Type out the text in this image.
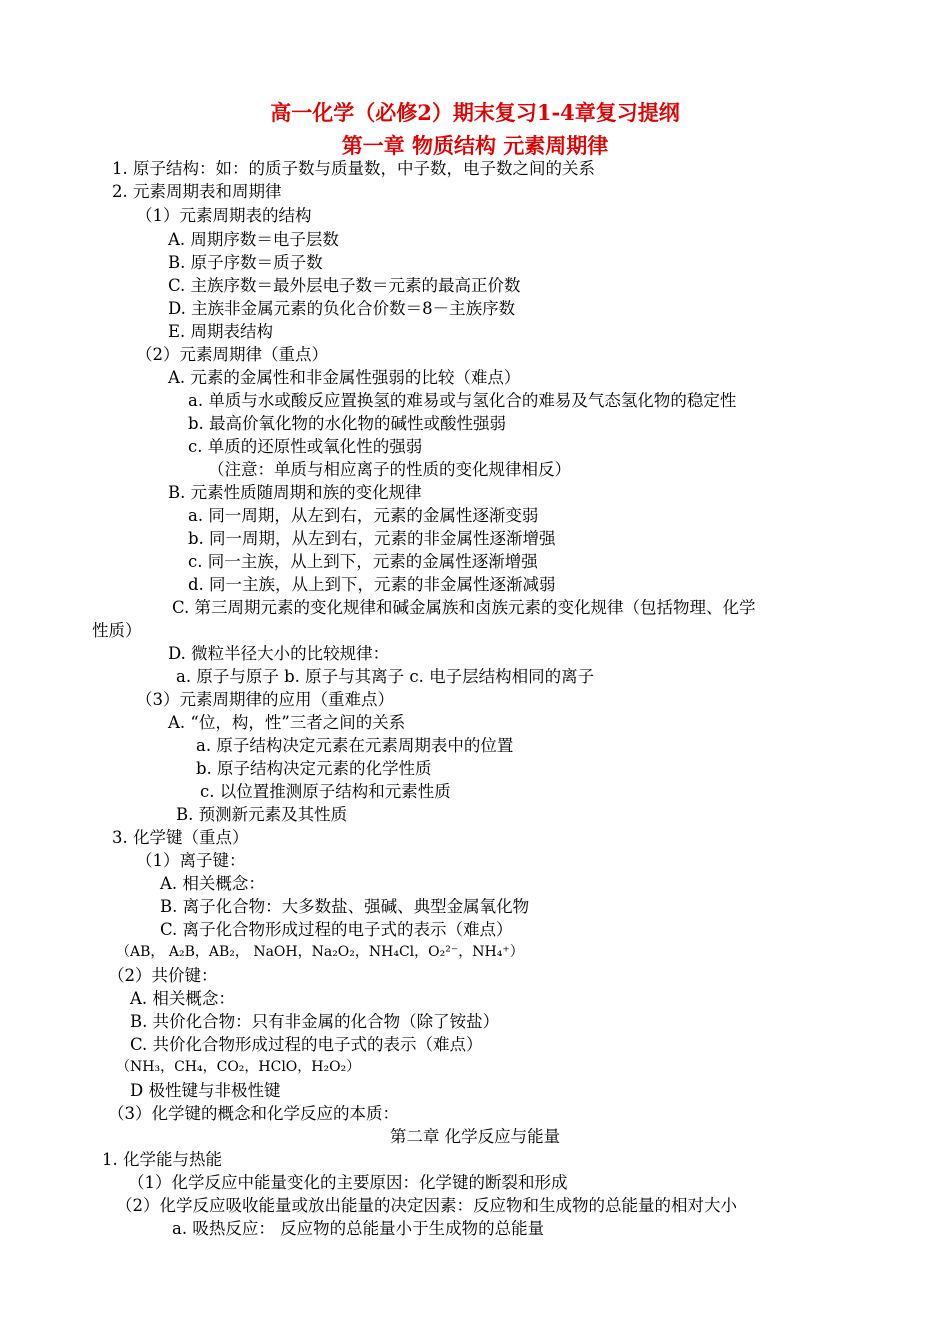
高一化学（必修2）期末复习1-4章复习提纲
第一章 物质结构 元素周期律
1. 原子结构：如：的质子数与质量数，中子数，电子数之间的关系
2. 元素周期表和周期律
（1）元素周期表的结构
A. 周期序数＝电子层数
B. 原子序数＝质子数
C. 主族序数＝最外层电子数＝元素的最高正价数
D. 主族非金属元素的负化合价数＝8－主族序数
E. 周期表结构
（2）元素周期律（重点）
A. 元素的金属性和非金属性强弱的比较（难点）
a. 单质与水或酸反应置换氢的难易或与氢化合的难易及气态氢化物的稳定性
b. 最高价氧化物的水化物的碱性或酸性强弱
c. 单质的还原性或氧化性的强弱
（注意：单质与相应离子的性质的变化规律相反）
B. 元素性质随周期和族的变化规律
a. 同一周期，从左到右，元素的金属性逐渐变弱
b. 同一周期，从左到右，元素的非金属性逐渐增强
c. 同一主族，从上到下，元素的金属性逐渐增强
d. 同一主族，从上到下，元素的非金属性逐渐减弱
C. 第三周期元素的变化规律和碱金属族和卤族元素的变化规律（包括物理、化学
性质）
D. 微粒半径大小的比较规律：
a. 原子与原子 b. 原子与其离子 c. 电子层结构相同的离子
（3）元素周期律的应用（重难点）
A. “位，构，性”三者之间的关系
a. 原子结构决定元素在元素周期表中的位置
b. 原子结构决定元素的化学性质
c. 以位置推测原子结构和元素性质
B. 预测新元素及其性质
3. 化学键（重点）
（1）离子键：
A. 相关概念：
B. 离子化合物：大多数盐、强碱、典型金属氧化物
C. 离子化合物形成过程的电子式的表示（难点）
（AB， A₂B，AB₂， NaOH，Na₂O₂，NH₄Cl，O₂²⁻，NH₄⁺）
（2）共价键：
A. 相关概念：
B. 共价化合物：只有非金属的化合物（除了铵盐）
C. 共价化合物形成过程的电子式的表示（难点）
（NH₃，CH₄，CO₂，HClO，H₂O₂）
D 极性键与非极性键
（3）化学键的概念和化学反应的本质：
第二章 化学反应与能量
1. 化学能与热能
（1）化学反应中能量变化的主要原因：化学键的断裂和形成
（2）化学反应吸收能量或放出能量的决定因素：反应物和生成物的总能量的相对大小
a. 吸热反应： 反应物的总能量小于生成物的总能量
